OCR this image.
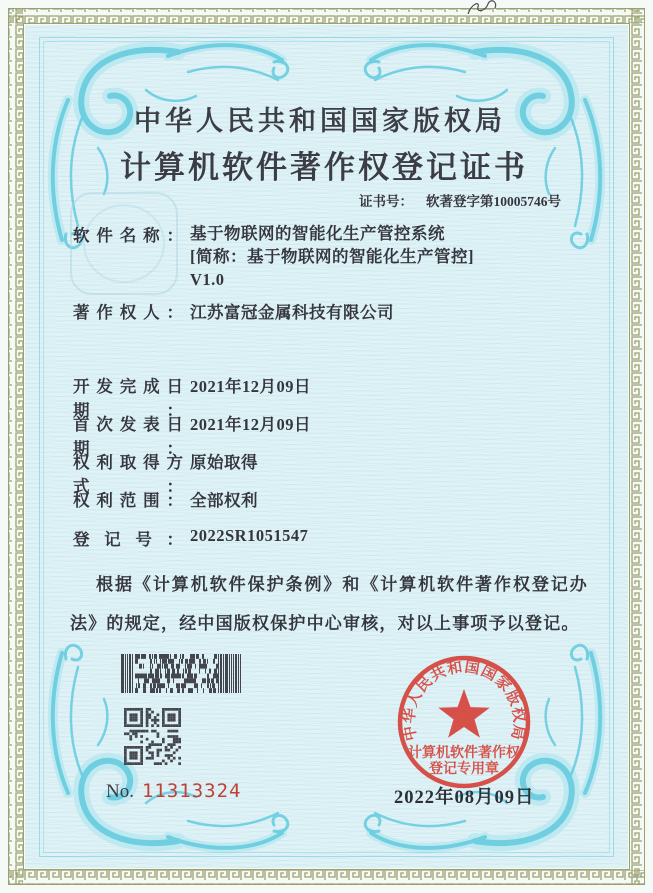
中华人民共和国国家版权局
计算机软件著作权登记证书
证书号： 软著登字第10005746号
软件名称： 基于物联网的智能化生产管控系统
[简称：基于物联网的智能化生产管控]
V1.0
著作权人： 江苏富冠金属科技有限公司
开发完成日期：
2021年12月09日
首次发表日期：
2021年12月09日
权利取得方式：
原始取得
权利范围： 全部权利
登记号： 2022SR1051547
根据《计算机软件保护条例》和《计算机软件著作权登记办法》的规定，经中国版权保护中心审核，对以上事项予以登记。
No. 11313324
中华人民共和国国家版权局
计算机软件著作权
登记专用章
2022年08月09日
